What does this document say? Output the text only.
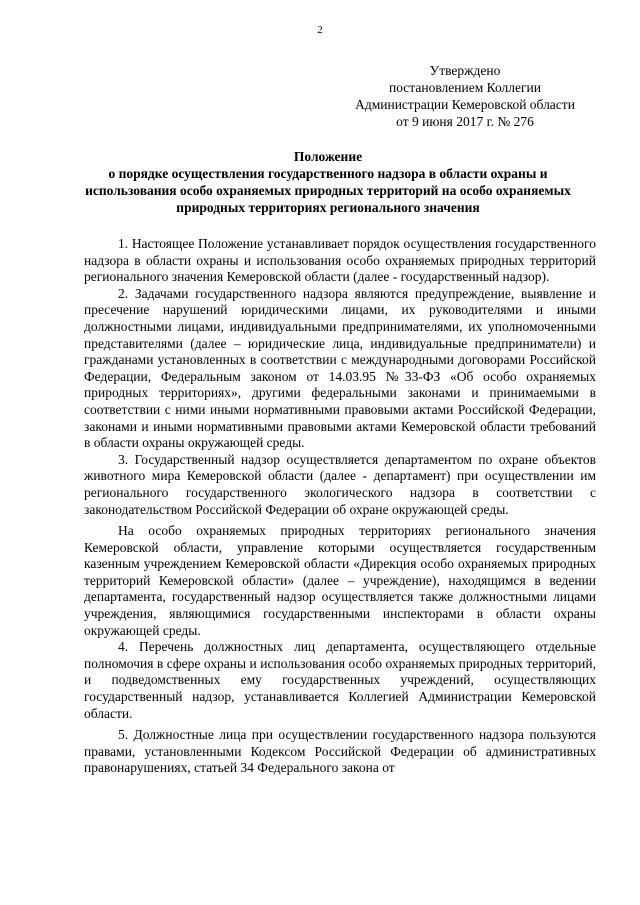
2
Утверждено
постановлением Коллегии
Администрации Кемеровской области
от 9 июня 2017 г. № 276
Положение
о порядке осуществления государственного надзора в области охраны и использования особо охраняемых природных территорий на особо охраняемых природных территориях регионального значения

1. Настоящее Положение устанавливает порядок осуществления государственного надзора в области охраны и использования особо охраняемых природных территорий регионального значения Кемеровской области (далее - государственный надзор).

2. Задачами государственного надзора являются предупреждение, выявление и пресечение нарушений юридическими лицами, их руководителями и иными должностными лицами, индивидуальными предпринимателями, их уполномоченными представителями (далее – юридические лица, индивидуальные предприниматели) и гражданами установленных в соответствии с международными договорами Российской Федерации, Федеральным законом от 14.03.95 №33-ФЗ «Об особо охраняемых природных территориях», другими федеральными законами и принимаемыми в соответствии с ними иными нормативными правовыми актами Российской Федерации, законами и иными нормативными правовыми актами Кемеровской области требований в области охраны окружающей среды.

3. Государственный надзор осуществляется департаментом по охране объектов животного мира Кемеровской области (далее - департамент) при осуществлении им регионального государственного экологического надзора в соответствии с законодательством Российской Федерации об охране окружающей среды.

На особо охраняемых природных территориях регионального значения Кемеровской области, управление которыми осуществляется государственным казенным учреждением Кемеровской области «Дирекция особо охраняемых природных территорий Кемеровской области» (далее – учреждение), находящимся в ведении департамента, государственный надзор осуществляется также должностными лицами учреждения, являющимися государственными инспекторами в области охраны окружающей среды.

4. Перечень должностных лиц департамента, осуществляющего отдельные полномочия в сфере охраны и использования особо охраняемых природных территорий, и подведомственных ему государственных учреждений, осуществляющих государственный надзор, устанавливается Коллегией Администрации Кемеровской области.

5. Должностные лица при осуществлении государственного надзора пользуются правами, установленными Кодексом Российской Федерации об административных правонарушениях, статьей 34 Федерального закона от
